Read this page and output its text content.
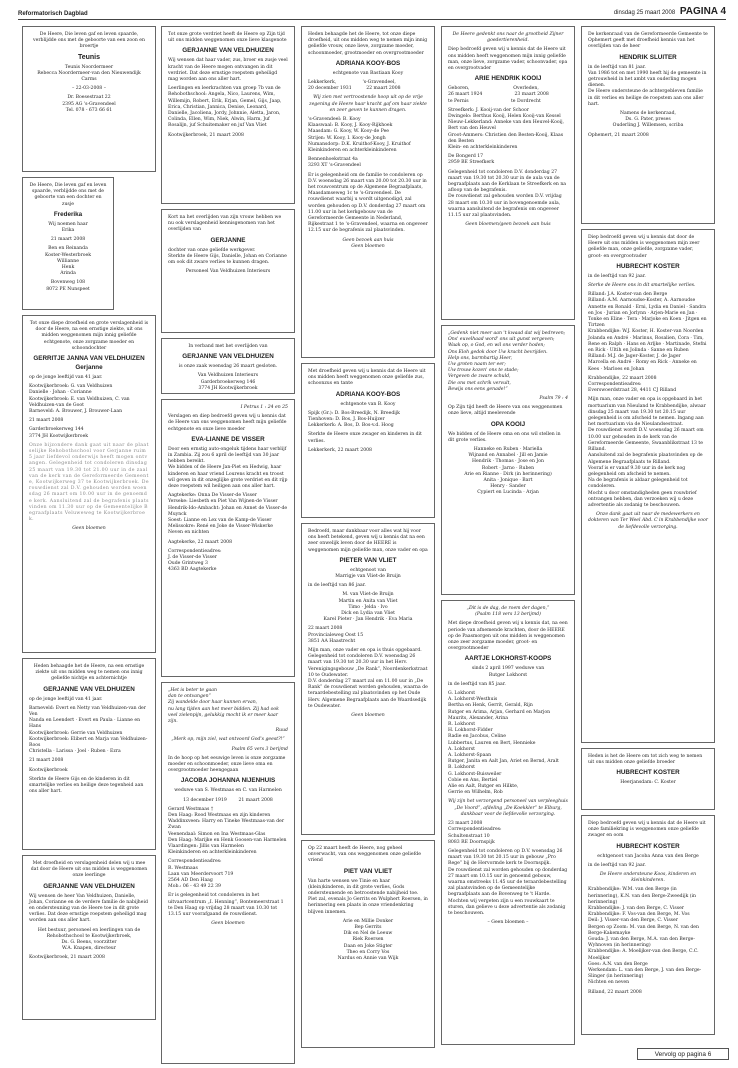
Reformatorisch Dagblad	dinsdag 25 maart 2008 PAGINA 4

De Heere, Die leven gaf en leven spaarde, verblijdde ons met de geboorte van een zoon en broertje

Teunis

Teunis Noordermeer
Rebecca Noordermeer-van den Nieuwendijk
Carms

– 22-03-2008 –

Dr. Boesestraat 22
2395 AG 's-Gravendeel
Tel. 078 - 673 66 61

De Heere, Die leven gaf en leven spaarde, verblijdde ons met de geboorte van een dochter en zusje

Frederika

Wij noemen haar
Erika

21 maart 2008

Ben en Reinanda
Koster-Westerbroek
Willianne
Henk
Arinda

Bovenweg 108
8072 PE Nunspeet

Tot onze diepe droefheid en grote verslagenheid is door de Heere, na een ernstige ziekte, uit ons midden weggenomen mijn innig geliefde echtgenote, onze zorgzame moeder en schoondochter

GERRITJE JANNA VAN VELDHUIZEN
Gerjanne

op de jonge leeftijd van 41 jaar.

Kootwijkerbroek: G. van Veldhuizen
Danielle · Johan · Corianne
Kootwijkerbroek: E. van Veldhuizen, C. van Veldhuizen-van de Goot
Barneveld: A. Brouwer, J. Brouwer-Laan

21 maart 2008

Garderbroekerweg 144
3774 JH Kootwijkerbroek

Onze bijzondere dank gaat uit naar de plaatselijke Rehobothschool voor Gerjanne ruim 5 jaar liefdevol onderwijs heeft mogen ontvangen. Gelegenheid tot condoleren dinsdag 25 maart van 19.30 tot 21.00 uur in de zaal van de kerk van de Gereformeerde Gemeente, Kootwijkerweg 37 te Kootwijkerbroek. De rouwdienst zal D.V. gehouden worden woensdag 26 maart om 10.00 uur in de genoemde kerk. Aansluitend zal de begrafenis plaatsvinden om 11.30 uur op de Gemeentelijke Begraafplaats Veluweweg te Kootwijkerbroek.

Geen bloemen

Heden behaagde het de Heere, na een ernstige ziekte uit ons midden weg te nemen ons innig geliefde nichtje en achternichtje

GERJANNE VAN VELDHUIZEN

op de jonge leeftijd van 41 jaar.

Barneveld: Evert en Netty van Veldhuizen-van der Ven
Nanda en Leendert · Evert en Paula · Lianne en Hans
Kootwijkerbroek: Gerrie van Veldhuizen
Kootwijkerbroek: Elibert en Marja van Veldhuizen-Roos
Christella · Larissa · Joel · Ruben · Ezra

21 maart 2008

Kootwijkerbroek

Sterkte de Heere Gijs en de kinderen in dit smartelijke verlies en heilige deze tegenheid aan ons aller hart.

Met droefheid en verslagenheid delen wij u mee dat door de Heere uit ons midden is weggenomen onze leerlinge

GERJANNE VAN VELDHUIZEN

Wij wensen de heer Van Veldhuizen, Danielle, Johan, Corianne en de verdere familie de nabijheid en ondersteuning van de Heere toe in dit grote verlies. Dat deze ernstige roepstem geheiligd mag worden aan ons aller hart.

Het bestuur, personeel en leerlingen van de Rehobothschool te Kootwijkerbroek,
Ds. G. Beens, voorzitter
W.A. Knapen, directeur

Kootwijkerbroek, 21 maart 2008

Tot onze grote verdriet heeft de Heere op Zijn tijd uit ons midden weggenomen onze lieve klasgenote

GERJANNE VAN VELDHUIZEN

Wij wensen dat haar vader, zus, broer en zusje veel kracht van de Heere mogen ontvangen in dit verdriet. Dat deze ernstige roepstem geheiligd mag worden aan ons aller hart.

Leerlingen en leerkrachten van groep 7b van de Rehobothschool: Angela, Nico, Laurens, Wim, Willemijn, Robert, Erik, Erjan, Gemel, Gijs, Jaap, Erica, Christian, Jannica, Denise, Leonard, Danielle, Jacoliena, Jordy, Johnnie, Aletta, Jaron, Colinda, Ellen, Wim, Niek, Alwin, Harm, Juf Rosalijn, juf Schuitemaker en juf Van Vliet

Kootwijkerbroek, 21 maart 2008

Kort na het overlijden van zijn vrouw hebben we nu ook verslagenheid kennisgenomen van het overlijden van

GERJANNE

dochter van onze geliefde werkgever.
Sterkte de Heere Gijs, Danielle, Johan en Corianne om ook dit zware verlies te kunnen dragen.

Personeel Van Veldhuizen Interieurs

In verband met het overlijden van

GERJANNE VAN VELDHUIZEN

is onze zaak woensdag 26 maart gesloten.

Van Veldhuizen Interieurs
Garderbroekerweg 146
3774 JH Kootwijkerbroek

I Petrus 1 : 24 en 25

Verslagen en diep bedroefd geven wij u kennis dat de Heere van ons weggenomen heeft mijn geliefde echtgenote en onze lieve moeder

EVA-LIANNE DE VISSER

Door een ernstig auto-ongeluk tijdens haar verblijf in Zambia. Zij zou 6 april de leeftijd van 30 jaar hebben bereikt.
We bidden of de Heere Jan-Piet en Hedwig, haar kinderen en haar vriend Lourens kracht en troost wil geven in dit onzeglijke grote verdriet en dit rijp deze roepstem wil heiligen aan ons aller hart.

Aagtekerke: Onna De Visser-de Visser
Yerseke: Liesbeth en Piet Van Wijnen-de Visser
Hendrik-Ido-Ambacht: Johan en Annet de Visser-de Muynck
Soest: Lianne en Lex van de Kamp-de Visser
Melissokre: René en Joke de Visser-Wiskerke
Neven en nichten

Aagtekerke, 22 maart 2008

Correspondentieadres:
J. de Visser-de Visser
Oude Grintweg 3
4363 BD Aagtekerke

„Het is beter te gaan
dan te ontvangen”
Zij wandelde door haar kunnen ervan,
nu lang tijden aan het meer bidden. Zij had ook veel zielenpijn, gelukkig mocht ik er meer kaar zijn.

Ruud

„Merk op, mijn ziel, wat ontvoord God's geest?!”

Psalm 65 vers 3 berijmd

In de hoop op het eeuwige leven is onze zorgzame moeder en schoonmoeder, onze lieve oma en overgrootmoeder heengegaan

JACOBA JOHANNA NIJENHUIS

weduwe van S. Westmaas en C. van Harmelen

13 december 1919        21 maart 2008

Gerard Westmaas †
Den Haag: Rood Westmaas en zijn kinderen
Waddinxveen: Harry en Tineke Westmaas-van der Zwan
Veenendaal: Simon en Ina Westmaas-Glas
Den Haag: Marijke en Henk Goosen-van Harmelen
Vlaardingen: Jillis van Harmelen
Kleinkinderen en achterkleinkinderen

Correspondentieadres:
R. Westmaas
Laan van Meerdervoort 719
2564 AD Den Haag
Mob.: 06 - 43 49 22 39

Er is gelegenheid tot condoleren in het uitvaartcentrum „I. Henning”, Bontemeerstraat 1 te Den Haag op vrijdag 28 maart van 10.30 tot 13.15 uur voorafgaand de rouwdienst.

Geen bloemen

Heden behaagde het de Heere, tot onze diepe droefheid, uit ons midden weg te nemen mijn innig geliefde vrouw, onze lieve, zorgzame moeder, schoonmoeder, grootmoeder en overgrootmoeder

ADRIANA KOOY-BOS

echtgenote van Bastiaan Kooy

Lekkerkerk,                  's-Gravendeel,
20 december 1931          22 maart 2008

Wij zien met vertroostende hoop uit op de vrije zegening de Heere haar kracht gaf om haar ziekte en zeer geven te kunnen dragen.

's-Gravendeel: B. Kooy
Klaaswaal: B. Kooy, J. Kooy-Rijkhoek
Maasdam: G. Kooy, W. Kooy-de Pee
Strijen: W. Kooy, I. Kooy-de Jongh
Numansdorp: D.K. Kruithof-Kooy, J. Kruithof
Kleinkinderen en achterkleinkinderen

Bennenhoekstraat 4a
3293 XT 's-Gravendeel

Er is gelegenheid om de familie te condoleren op D.V. woensdag 26 maart van 20.00 tot 20.30 uur in het rouwcentrum op de Algemene Begraafplaats, Maasdamseweg 1c te 's-Gravendeel. De rouwdienst waarbij u wordt uitgenodigd, zal worden gehouden op D.V. donderdag 27 maart om 11.00 uur in het kerkgebouw van de Gereformeerde Gemeente in Nederland, Rijkestraat 1 te 's-Gravendeel, waarna en ongeveer 12.15 uur de begrafenis zal plaatsvinden.

Geen bezoek aan huis
Geen bloemen

Met droefheid geven wij u kennis dat de Heere uit ons midden heeft weggenomen onze geliefde zus, schoonzus en tante

ADRIANA KOOY-BOS

echtgenote van B. Kooy

Spijk (Gr.): D. Bos-Breedijk, N. Breedijk
Tienhoven: D. Bos, J. Bos-Huijzer
Lekkerkerk: A. Bos, D. Bos-v.d. Hoog

Sterkte de Heere onze zwager en kinderen in dit verlies.

Lekkerkerk, 22 maart 2008

Bedroefd, maar dankbaar voor alles wat hij voor ons heeft betekend, geven wij u kennis dat na een zeer onwelijk leven door de HEERE is weggenomen mijn geliefde man, onze vader en opa

PIETER VAN VLIET

echtgenoot van
Marrigje van Vliet-de Bruijn

in de leeftijd van 86 jaar.

M. van Vliet-de Bruijn
Martin en Anita van Vliet
Timo · Jelda · Ivo
Dick en Lydia van Vliet
Karel Pieter · Jan Hendrik · Eva Maria

22 maart 2008
Provincialeweg Oost 15
3851 AA Haastrecht

Mijn man, onze vader en opa is thuis opgebaard.
Gelegenheid tot condoleren D.V. woensdag 26 maart van 19.30 tot 20.30 uur in het Herv. Verenigingsgebouw „De Rank”, Noordenkerkstraat 10 te Oudewater.
D.V. donderdag 27 maart zal om 11.00 uur in „De Rank” de rouwdienst worden gehouden, waarna de teraardebestelling zal plaatsvinden op het Oude Herv. Algemene Begraafplaats aan de Waardsedijk te Oudewater.

Geen bloemen

Op 22 maart heeft de Heere, nog geheel onverwacht, van ons weggenomen onze geliefde vriend

PIET VAN VLIET

Van harte wensen we Tinie en haar (klein)kinderen, in dit grote verlies, Gods ondersteunende en betroostende nabijheid toe. Piet zal, evenals Jo Gerrits en Wulphert Roersen, in herinnering een plaats in onze vriendenkring blijven innemen.

Arie en Millie Donker
Bep Gerrits
Dik en Nel de Leeuw
Riek Roersen
Daan en Joke Stigter
Theo en Corry Vos
Nardus en Annie van Wijk

De Heere gedenkt ons naar de grootheid Zijner goedertierenheid.

Diep bedroefd geven wij u kennis dat de Heere uit ons midden heeft weggenomen mijn innig geliefde man, onze lieve, zorgzame vader, schoonvader, opa en overgrootvader

ARIE HENDRIK KOOIJ

Geboren,                              Overleden,
26 maart 1924                      23 maart 2008
te Pernis                             te Dordrecht

Streefkerk: J. Kooij-van der Schoor
Dwingelo: Berthus Kooij, Helen Kooij-van Kessel
Nieuw-Lekkerland: Anneke van den Heuvel-Kooij, Bert van den Heuvel
Groot-Ammers: Christien den Besten-Kooij, Klaas den Besten
Klein- en achterkleinkinderen

De Bongerd 17
2959 BE Streefkerk

Gelegenheid tot condoleren D.V. donderdag 27 maart van 19.30 tot 20.30 uur in de aula van de begraafplaats aan de Kerklaan te Streefkerk en na afloop van de begrafenis.
De rouwdienst zal gehouden worden D.V. vrijdag 28 maart om 10.30 uur in bovengenoemde aula, waarna aansluitend de begrafenis om ongeveer 11.15 uur zal plaatsvinden.

Geen bloemen/geen bezoek aan huis

„Gedenk niet meer aan 't kwaad dat wij bedreven;
Ons' euvelhaad word' ons uit gunst vergeven;
Waak op, o God, en wil ons verder hoden;
Ons Eloh gedok door Uw kracht bevrijden.
Help ons, barmhartig Heer,
Uw groten naam ter eer;
Uw trouw kozen' ons te stade;
Vergeven de zware schuld,
Die ons met schrik vervult,
Bewijs ons eens genade!”

Psalm 79 : 4

Op Zijn tijd heeft de Heere van ons weggenomen onze lieve, altijd meelevende

OPA KOOIJ

We bidden of de Heere oma en ons wil stellen in dit grote verlies.

Hanneke en Ruben · Mariella
Wijnand en Annabel · Jill en Jamie
Hendrik · Thomas · Jose en Jon
Robert · Jarno · Ruben
Arie en Rianne · Dirk (in herinnering)
Anita · Jonique · Bart
Henry · Sander
Cypiert en Lucinda · Arjan

„Dit is de dag, de roem der dagen,”
(Psalm 118 vers 13 berijmd)

Met diepe droefheid geven wij u kennis dat, na een periode van afnemende krachten, door de HEERE op de Paasmorgen uit ons midden is weggenomen onze zeer zorgzame moeder, groot- en overgrootmoeder

AARTJE LOKHORST-KOOPS

sinds 2 april 1997 weduwe van
Rutger Lokhorst

in de leeftijd van 85 jaar.

G. Lokhorst
A. Lokhorst-Westhuis
Bertha en Henk, Gerrit, Gerald, Rijn
Rutger en Arima, Arjan, Gerhard en Marjon
Maurits, Alexander, Arina
R. Lokhorst
H. Lokhorst-Fidder
Radie en Jacobus, Celine
Lubbertus, Lauren en Bert, Hennieke
A. Lokhorst
A. Lokhorst-Spaan
Rutger, Janita en Aalt Jan, Ariet en Bernd, Aralt
B. Lokhorst
G. Lokhorst-Buisweiler
Cobie en Ans, Bertiel
Alie en Aalt, Rutger en Hilkte,
Gerrie en Wilhelm, Rob

Wij zijn het verzorgend personeel van verpleeghuis „De Voord”, afdeling „De Koekkler” te Elburg, dankbaar voor de liefdevolle verzorging.

23 maart 2008
Correspondentieadres:
Schultenstraat 10
8083 RE Doornspijk

Gelegenheid tot condoleren op D.V. woensdag 26 maart van 19.30 tot 20.15 uur in gebouw „Pro Rege” bij de Hervormde kerk te Doornspijk.
De rouwdienst zal worden gehouden op donderdag 27 maart om 10.15 uur in genoemd gebouw, waarna omstreeks 11.45 uur de teraardebestelling zal plaatsvinden op de Gemeentelijke begraafplaats aan de Bovenweg te 't Harde.
Mochten wij vergeten zijn u een rouwkaart te sturen, dan gelieve u deze advertentie als zodanig te beschouwen.

– Geen bloemen –

De kerkenraad van de Gereformeerde Gemeente te Ophemert geeft met droefheid kennis van het overlijden van de heer

HENDRIK SLUITER

in de leeftijd van 81 jaar.
Van 1986 tot en met 1990 heeft hij de gemeente in getrouwheid in het ambt van ouderling mogen dienen.
De Heere ondersteune de achtergebleven familie in dit verlies en heilige de roepstem aan ons aller hart.

Namens de kerkenraad,
Ds. G. Pater, preses
Ouderling J. Willemsen, scriba

Ophemert, 21 maart 2008

Diep bedroefd geven wij u kennis dat door de Heere uit ons midden is weggenomen mijn zeer geliefde man, onze geliefde, zorgzame vader, groot- en overgrootvader

HUBRECHT KOSTER

in de leeftijd van 92 jaar.

Sterke de Heere ons in dit smartelijke verlies.

Rilland: J.A. Koster-van den Berge
Rilland: A.M. Aarnoudse-Koster, A. Aarnoudse
Annette en Ronald · Erni, Lydia en Daniel · Sandra en Jos · Jurian en Jorlynn · Arjen-Marie en Jan · Tonke en Eline · Tera · Marjoke en Koen · Jitgen en Tirtzen
Krabbendijke: W.J. Koster, H. Koster-van Noorden
Jolanda en André · Marinus, Rosalien, Cora · Tim, Rene en Ralph · Hans en Arljke · Martinade, Stefni en Rick · Ultih en Jolinda · Sanne en Ruben
Rilland: M.J. de Jager-Koster, J. de Jager
Marcella en André · Romy en Rick · Anneke en Kees · Marloes en Johan

Krabbendijke, 22 maart 2008
Correspondentieadres:
Everswoerdstraat 28, 4411 CJ Rilland

Mijn man, onze vader en opa is opgebaard in het mortuarium van Nieuland te Krabbendijke, alwaar dinsdag 25 maart van 19.30 tot 20.15 uur gelegenheid is om afscheid te nemen. Ingang aan het mortuarium via de Nieulandsestraat.
De rouwdienst wordt D.V. woensdag 26 maart om 10.00 uur gehouden in de kerk van de Gereformeerde Gemeente, Swaanblikstraat 13 te Rilland.
Aansluitend zal de begrafenis plaatsvinden op de Algemene Begraafplaats te Rilland.
Vooraf is er vanaf 9.30 uur in de kerk nog gelegenheid om afscheid te nemen.
Na de begrafenis is aldaar gelegenheid tot condoleren.
Mocht u door omstandigheden geen rouwbrief ontvangen hebben, dan verzoeken wij u deze advertentie als zodanig te beschouwen.

Onze dank gaat uit naar de medewerkers en dokteren van Ter Weel Abd. C in Krabbendijke voor de liefdevolle verzorging.

Heden is het de Heere om tot zich weg te nemen uit ons midden onze geliefde broeder

HUBRECHT KOSTER

Heerjansdam: C. Koster

Diep bedroefd geven wij u kennis dat de Heere uit onze familiekring is weggenomen onze geliefde zwager en oom

HUBRECHT KOSTER

echtgenoot van Jacoba Anna van den Berge

in de leeftijd van 92 jaar.

De Heere ondersteune Koos, kinderen en kleinkinderen.

Krabbendijke: W.M. van den Berge (in herinnering), K.N. van den Berge-Zweedijk (in herinnering)
Krabbendijke: J. van den Berge, C. Visser
Krabbendijke: F. Vos-van den Berge, M. Vos
Deil: J. Visser-van den Berge, C. Visser
Bergen op Zoom: M. van den Berge, N. van den Berge-Kakemayke
Gouda: J. van den Berge, M.A. van den Berge-Wyhnoven (in herinnering)
Krabbendijke: A. Moelijker-van den Berge, C.C. Moelijker
Goes: A.N. van den Berge
Werkendam: L. van den Berge, J. van den Berge-Slinger (in herinnering)
Nichten en neven

Rilland, 22 maart 2008

Vervolg op pagina 6
